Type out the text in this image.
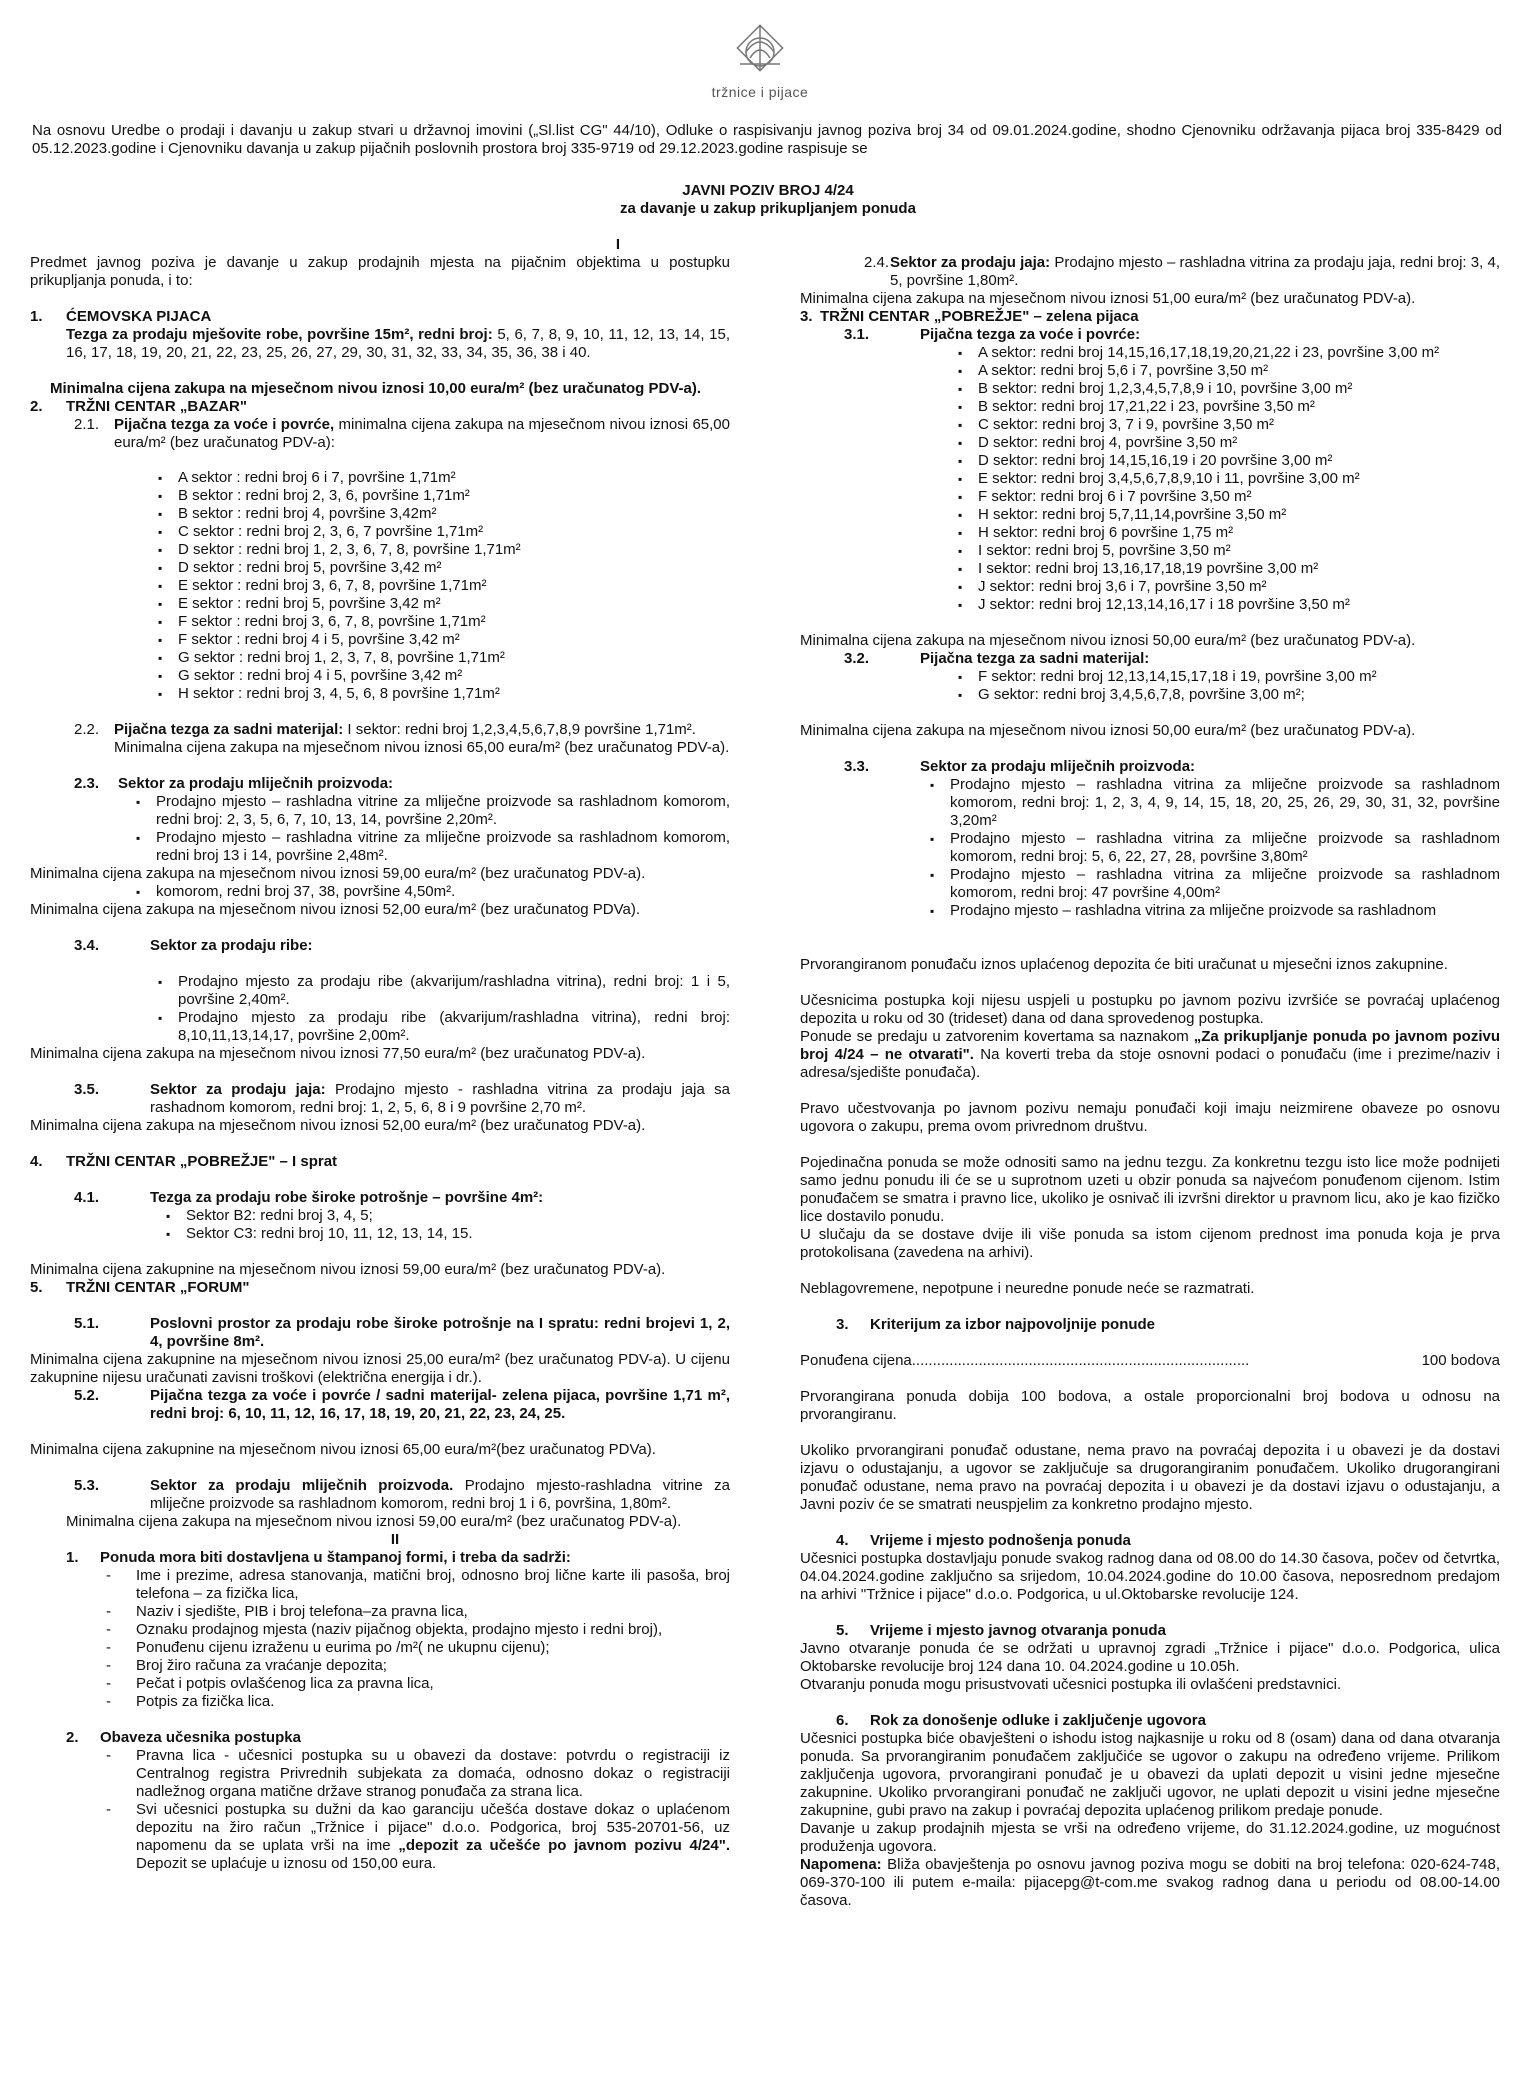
tržnice i pijace

Na osnovu Uredbe o prodaji i davanju u zakup stvari u državnoj imovini („Sl.list CG" 44/10), Odluke o raspisivanju javnog poziva broj 34 od 09.01.2024.godine, shodno Cjenovniku održavanja pijaca broj 335-8429 od 05.12.2023.godine i Cjenovniku davanja u zakup pijačnih poslovnih prostora broj 335-9719 od 29.12.2023.godine raspisuje se

JAVNI POZIV BROJ 4/24
za davanje u zakup prikupljanjem ponuda
I

Predmet javnog poziva je davanje u zakup prodajnih mjesta na pijačnim objektima u postupku prikupljanja ponuda, i to:

1.	ĆEMOVSKA PIJACA

Tezga za prodaju mješovite robe, površine 15m², redni broj: 5, 6, 7, 8, 9, 10, 11, 12, 13, 14, 15, 16, 17, 18, 19, 20, 21, 22, 23, 25, 26, 27, 29, 30, 31, 32, 33, 34, 35, 36, 38 i 40.

Minimalna cijena zakupa na mjesečnom nivou iznosi 10,00 eura/m² (bez uračunatog PDV-a).

2.	TRŽNI CENTAR „BAZAR"
2.1. Pijačna tezga za voće i povrće, minimalna cijena zakupa na mjesečnom nivou iznosi 65,00 eura/m² (bez uračunatog PDV-a):

▪ A sektor : redni broj 6 i 7, površine 1,71m²
▪ B sektor : redni broj 2, 3, 6, površine 1,71m²
▪ B sektor : redni broj 4, površine 3,42m²
▪ C sektor : redni broj 2, 3, 6, 7 površine 1,71m²
▪ D sektor : redni broj 1, 2, 3, 6, 7, 8, površine 1,71m²
▪ D sektor : redni broj 5, površine 3,42 m²
▪ E sektor : redni broj 3, 6, 7, 8, površine 1,71m²
▪ E sektor : redni broj 5, površine 3,42 m²
▪ F sektor : redni broj 3, 6, 7, 8, površine 1,71m²
▪ F sektor : redni broj 4 i 5, površine 3,42 m²
▪ G sektor : redni broj 1, 2, 3, 7, 8, površine 1,71m²
▪ G sektor : redni broj 4 i 5, površine 3,42 m²
▪ H sektor : redni broj 3, 4, 5, 6, 8 površine 1,71m²
2.2. Pijačna tezga za sadni materijal: I sektor: redni broj 1,2,3,4,5,6,7,8,9 površine 1,71m².

Minimalna cijena zakupa na mjesečnom nivou iznosi 65,00 eura/m² (bez uračunatog PDV-a).

2.3.	Sektor za prodaju mliječnih proizvoda:
▪ Prodajno mjesto – rashladna vitrine za mliječne proizvode sa rashladnom komorom, redni broj: 2, 3, 5, 6, 7, 10, 13, 14, površine 2,20m².
▪ Prodajno mjesto – rashladna vitrine za mliječne proizvode sa rashladnom komorom, redni broj 13 i 14, površine 2,48m².

Minimalna cijena zakupa na mjesečnom nivou iznosi 59,00 eura/m² (bez uračunatog PDV-a).

▪ komorom, redni broj 37, 38, površine 4,50m².

Minimalna cijena zakupa na mjesečnom nivou iznosi 52,00 eura/m² (bez uračunatog PDVa).

3.4.	Sektor za prodaju ribe:
▪ Prodajno mjesto za prodaju ribe (akvarijum/rashladna vitrina), redni broj: 1 i 5, površine 2,40m².
▪ Prodajno mjesto za prodaju ribe (akvarijum/rashladna vitrina), redni broj: 8,10,11,13,14,17, površine 2,00m².

Minimalna cijena zakupa na mjesečnom nivou iznosi 77,50 eura/m² (bez uračunatog PDV-a).

3.5.	Sektor za prodaju jaja: Prodajno mjesto - rashladna vitrina za prodaju jaja sa rashadnom komorom, redni broj: 1, 2, 5, 6, 8 i 9 površine 2,70 m².

Minimalna cijena zakupa na mjesečnom nivou iznosi 52,00 eura/m² (bez uračunatog PDV-a).

4.	TRŽNI CENTAR „POBREŽJE" – I sprat
4.1.	Tezga za prodaju robe široke potrošnje – površine 4m²:
▪ Sektor B2: redni broj 3, 4, 5;
▪ Sektor C3: redni broj 10, 11, 12, 13, 14, 15.

Minimalna cijena zakupnine na mjesečnom nivou iznosi 59,00 eura/m² (bez uračunatog PDV-a).

5.	TRŽNI CENTAR „FORUM"
5.1.	Poslovni prostor za prodaju robe široke potrošnje na I spratu: redni brojevi 1, 2, 4, površine 8m².

Minimalna cijena zakupnine na mjesečnom nivou iznosi 25,00 eura/m² (bez uračunatog PDV-a). U cijenu zakupnine nijesu uračunati zavisni troškovi (električna energija i dr.).

5.2.	Pijačna tezga za voće i povrće / sadni materijal- zelena pijaca, površine 1,71 m², redni broj: 6, 10, 11, 12, 16, 17, 18, 19, 20, 21, 22, 23, 24, 25.

Minimalna cijena zakupnine na mjesečnom nivou iznosi 65,00 eura/m²(bez uračunatog PDVa).

5.3.	Sektor za prodaju mliječnih proizvoda. Prodajno mjesto-rashladna vitrine za mliječne proizvode sa rashladnom komorom, redni broj 1 i 6, površina, 1,80m².

Minimalna cijena zakupa na mjesečnom nivou iznosi 59,00 eura/m² (bez uračunatog PDV-a).

II
1.	Ponuda mora biti dostavljena u štampanoj formi, i treba da sadrži:
- Ime i prezime, adresa stanovanja, matični broj, odnosno broj lične karte ili pasoša, broj telefona – za fizička lica,
- Naziv i sjedište, PIB i broj telefona–za pravna lica,
- Oznaku prodajnog mjesta (naziv pijačnog objekta, prodajno mjesto i redni broj),
- Ponuđenu cijenu izraženu u eurima po /m²( ne ukupnu cijenu);
- Broj žiro računa za vraćanje depozita;
- Pečat i potpis ovlašćenog lica za pravna lica,
- Potpis za fizička lica.
2.	Obaveza učesnika postupka
- Pravna lica - učesnici postupka su u obavezi da dostave: potvrdu o registraciji iz Centralnog registra Privrednih subjekata za domaća, odnosno dokaz o registraciji nadležnog organa matične države stranog ponuđača za strana lica.
- Svi učesnici postupka su dužni da kao garanciju učešća dostave dokaz o uplaćenom depozitu na žiro račun „Tržnice i pijace" d.o.o. Podgorica, broj 535-20701-56, uz napomenu da se uplata vrši na ime „depozit za učešće po javnom pozivu 4/24". Depozit se uplaćuje u iznosu od 150,00 eura.
2.4. Sektor za prodaju jaja: Prodajno mjesto – rashladna vitrina za prodaju jaja, redni broj: 3, 4, 5, površine 1,80m².

Minimalna cijena zakupa na mjesečnom nivou iznosi 51,00 eura/m² (bez uračunatog PDV-a).

3. TRŽNI CENTAR „POBREŽJE" – zelena pijaca
3.1.	Pijačna tezga za voće i povrće:
▪ A sektor: redni broj 14,15,16,17,18,19,20,21,22 i 23, površine 3,00 m²
▪ A sektor: redni broj 5,6 i 7, površine 3,50 m²
▪ B sektor: redni broj 1,2,3,4,5,7,8,9 i 10, površine 3,00 m²
▪ B sektor: redni broj 17,21,22 i 23, površine 3,50 m²
▪ C sektor: redni broj 3, 7 i 9, površine 3,50 m²
▪ D sektor: redni broj 4, površine 3,50 m²
▪ D sektor: redni broj 14,15,16,19 i 20 površine 3,00 m²
▪ E sektor: redni broj 3,4,5,6,7,8,9,10 i 11, površine 3,00 m²
▪ F sektor: redni broj 6 i 7 površine 3,50 m²
▪ H sektor: redni broj 5,7,11,14,površine 3,50 m²
▪ H sektor: redni broj 6 površine 1,75 m²
▪ I sektor: redni broj 5, površine 3,50 m²
▪ I sektor: redni broj 13,16,17,18,19 površine 3,00 m²
▪ J sektor: redni broj 3,6 i 7, površine 3,50 m²
▪ J sektor: redni broj 12,13,14,16,17 i 18 površine 3,50 m²

Minimalna cijena zakupa na mjesečnom nivou iznosi 50,00 eura/m² (bez uračunatog PDV-a).

3.2.	Pijačna tezga za sadni materijal:
▪ F sektor: redni broj 12,13,14,15,17,18 i 19, površine 3,00 m²
▪ G sektor: redni broj 3,4,5,6,7,8, površine 3,00 m²;

Minimalna cijena zakupa na mjesečnom nivou iznosi 50,00 eura/m² (bez uračunatog PDV-a).

3.3.	Sektor za prodaju mliječnih proizvoda:
▪ Prodajno mjesto – rashladna vitrina za mliječne proizvode sa rashladnom komorom, redni broj: 1, 2, 3, 4, 9, 14, 15, 18, 20, 25, 26, 29, 30, 31, 32, površine 3,20m²
▪ Prodajno mjesto – rashladna vitrina za mliječne proizvode sa rashladnom komorom, redni broj: 5, 6, 22, 27, 28, površine 3,80m²
▪ Prodajno mjesto – rashladna vitrina za mliječne proizvode sa rashladnom komorom, redni broj: 47 površine 4,00m²
▪ Prodajno mjesto – rashladna vitrina za mliječne proizvode sa rashladnom

Prvorangiranom ponuđaču iznos uplaćenog depozita će biti uračunat u mjesečni iznos zakupnine.

Učesnicima postupka koji nijesu uspjeli u postupku po javnom pozivu izvršiće se povraćaj uplaćenog depozita u roku od 30 (trideset) dana od dana sprovedenog postupka.

Ponude se predaju u zatvorenim kovertama sa naznakom „Za prikupljanje ponuda po javnom pozivu broj 4/24 – ne otvarati". Na koverti treba da stoje osnovni podaci o ponuđaču (ime i prezime/naziv i adresa/sjedište ponuđača).

Pravo učestvovanja po javnom pozivu nemaju ponuđači koji imaju neizmirene obaveze po osnovu ugovora o zakupu, prema ovom privrednom društvu.

Pojedinačna ponuda se može odnositi samo na jednu tezgu. Za konkretnu tezgu isto lice može podnijeti samo jednu ponudu ili će se u suprotnom uzeti u obzir ponuda sa najvećom ponuđenom cijenom. Istim ponuđačem se smatra i pravno lice, ukoliko je osnivač ili izvršni direktor u pravnom licu, ako je kao fizičko lice dostavilo ponudu.

U slučaju da se dostave dvije ili više ponuda sa istom cijenom prednost ima ponuda koja je prva protokolisana (zavedena na arhivi).

Neblagovremene, nepotpune i neuredne ponude neće se razmatrati.

3.	Kriterijum za izbor najpovoljnije ponude
Ponuđena cijena .................................................................................	100 bodova

Prvorangirana ponuda dobija 100 bodova, a ostale proporcionalni broj bodova u odnosu na prvorangiranu.

Ukoliko prvorangirani ponuđač odustane, nema pravo na povraćaj depozita i u obavezi je da dostavi izjavu o odustajanju, a ugovor se zaključuje sa drugorangiranim ponuđačem. Ukoliko drugorangirani ponuđač odustane, nema pravo na povraćaj depozita i u obavezi je da dostavi izjavu o odustajanju, a Javni poziv će se smatrati neuspjelim za konkretno prodajno mjesto.

4.	Vrijeme i mjesto podnošenja ponuda

Učesnici postupka dostavljaju ponude svakog radnog dana od 08.00 do 14.30 časova, počev od četvrtka, 04.04.2024.godine zaključno sa srijedom, 10.04.2024.godine do 10.00 časova, neposrednom predajom na arhivi "Tržnice i pijace" d.o.o. Podgorica, u ul.Oktobarske revolucije 124.

5.	Vrijeme i mjesto javnog otvaranja ponuda

Javno otvaranje ponuda će se održati u upravnoj zgradi „Tržnice i pijace" d.o.o. Podgorica, ulica Oktobarske revolucije broj 124 dana 10. 04.2024.godine u 10.05h.

Otvaranju ponuda mogu prisustvovati učesnici postupka ili ovlašćeni predstavnici.

6.	Rok za donošenje odluke i zaključenje ugovora

Učesnici postupka biće obavješteni o ishodu istog najkasnije u roku od 8 (osam) dana od dana otvaranja ponuda. Sa prvorangiranim ponuđačem zaključiće se ugovor o zakupu na određeno vrijeme. Prilikom zaključenja ugovora, prvorangirani ponuđač je u obavezi da uplati depozit u visini jedne mjesečne zakupnine. Ukoliko prvorangirani ponuđač ne zaključi ugovor, ne uplati depozit u visini jedne mjesečne zakupnine, gubi pravo na zakup i povraćaj depozita uplaćenog prilikom predaje ponude.

Davanje u zakup prodajnih mjesta se vrši na određeno vrijeme, do 31.12.2024.godine, uz mogućnost produženja ugovora.

Napomena: Bliža obavještenja po osnovu javnog poziva mogu se dobiti na broj telefona: 020-624-748, 069-370-100 ili putem e-maila: pijacepg@t-com.me svakog radnog dana u periodu od 08.00-14.00 časova.
